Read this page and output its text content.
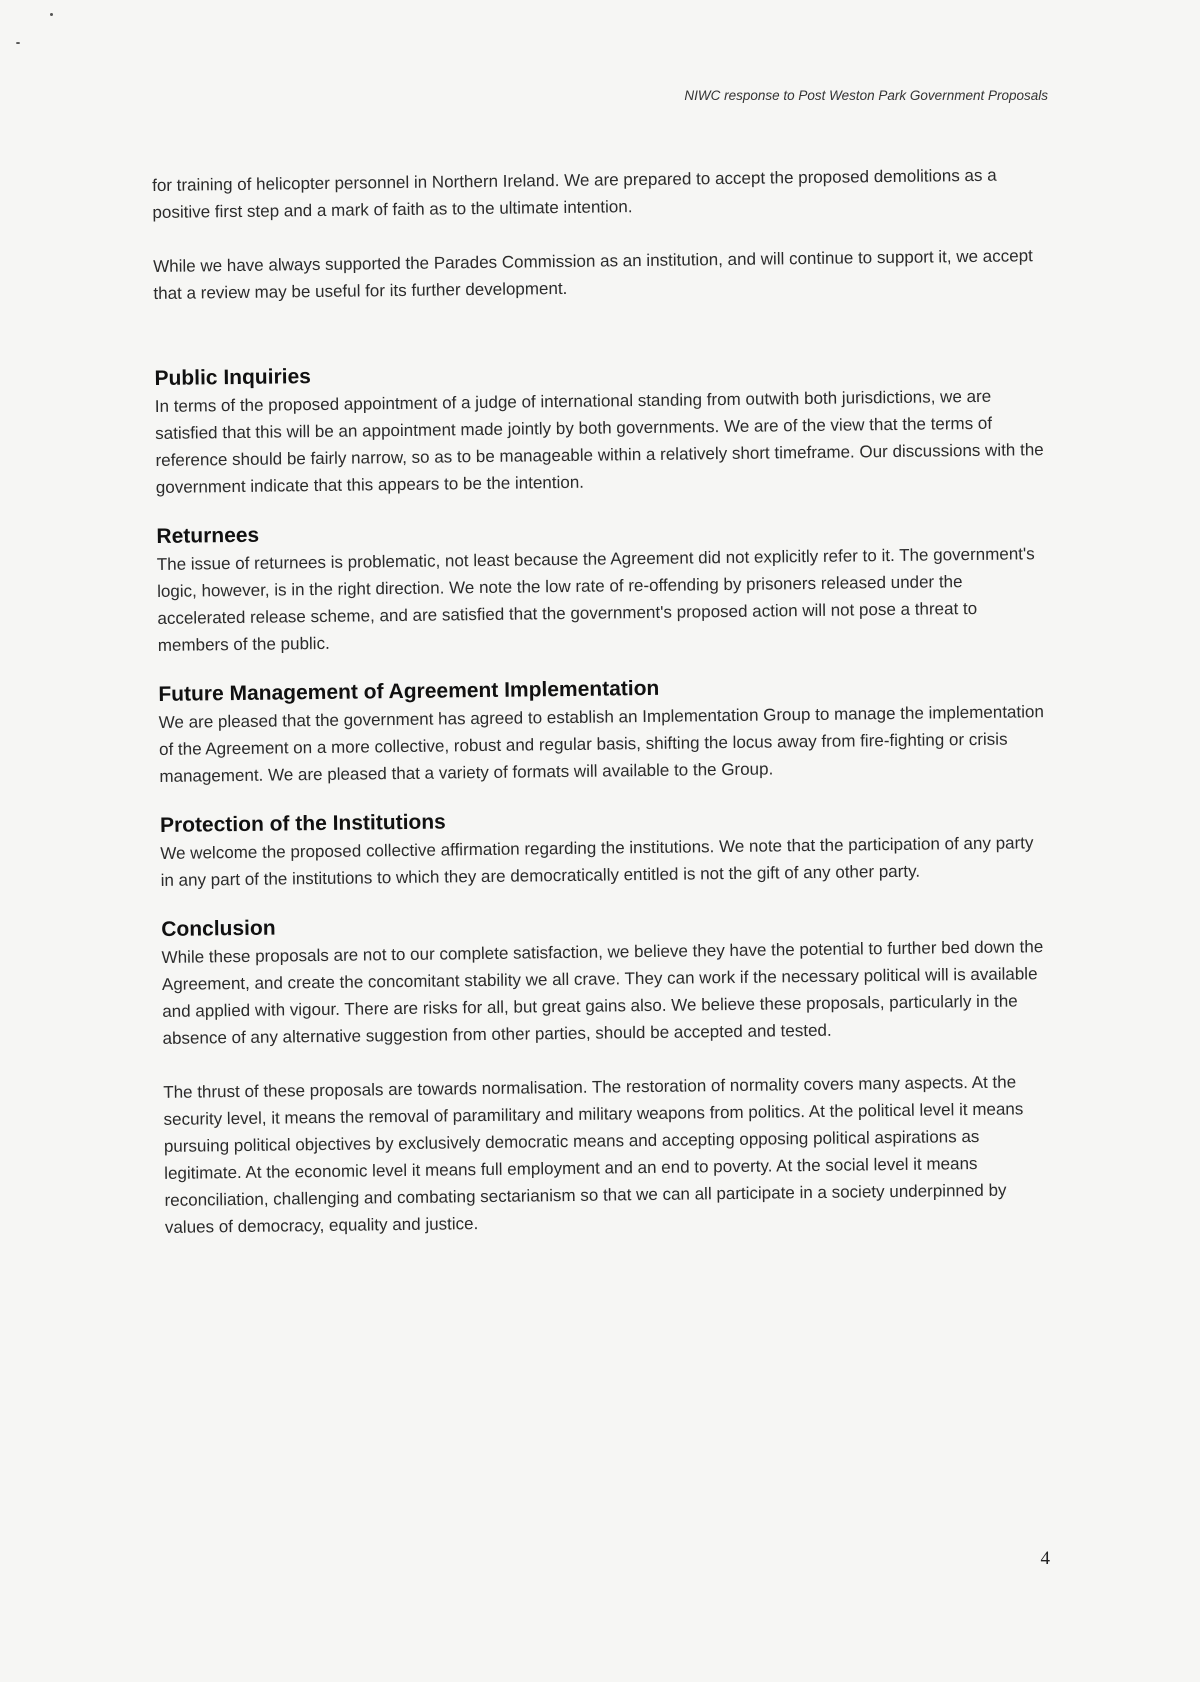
NIWC response to Post Weston Park Government Proposals

for training of helicopter personnel in Northern Ireland. We are prepared to accept the proposed demolitions as a positive first step and a mark of faith as to the ultimate intention.

While we have always supported the Parades Commission as an institution, and will continue to support it, we accept that a review may be useful for its further development.

Public Inquiries

In terms of the proposed appointment of a judge of international standing from outwith both jurisdictions, we are satisfied that this will be an appointment made jointly by both governments. We are of the view that the terms of reference should be fairly narrow, so as to be manageable within a relatively short timeframe. Our discussions with the government indicate that this appears to be the intention.

Returnees

The issue of returnees is problematic, not least because the Agreement did not explicitly refer to it. The government's logic, however, is in the right direction. We note the low rate of re-offending by prisoners released under the accelerated release scheme, and are satisfied that the government's proposed action will not pose a threat to members of the public.

Future Management of Agreement Implementation

We are pleased that the government has agreed to establish an Implementation Group to manage the implementation of the Agreement on a more collective, robust and regular basis, shifting the locus away from fire-fighting or crisis management. We are pleased that a variety of formats will available to the Group.

Protection of the Institutions

We welcome the proposed collective affirmation regarding the institutions. We note that the participation of any party in any part of the institutions to which they are democratically entitled is not the gift of any other party.

Conclusion

While these proposals are not to our complete satisfaction, we believe they have the potential to further bed down the Agreement, and create the concomitant stability we all crave. They can work if the necessary political will is available and applied with vigour. There are risks for all, but great gains also. We believe these proposals, particularly in the absence of any alternative suggestion from other parties, should be accepted and tested.

The thrust of these proposals are towards normalisation. The restoration of normality covers many aspects. At the security level, it means the removal of paramilitary and military weapons from politics. At the political level it means pursuing political objectives by exclusively democratic means and accepting opposing political aspirations as legitimate. At the economic level it means full employment and an end to poverty. At the social level it means reconciliation, challenging and combating sectarianism so that we can all participate in a society underpinned by values of democracy, equality and justice.

4
